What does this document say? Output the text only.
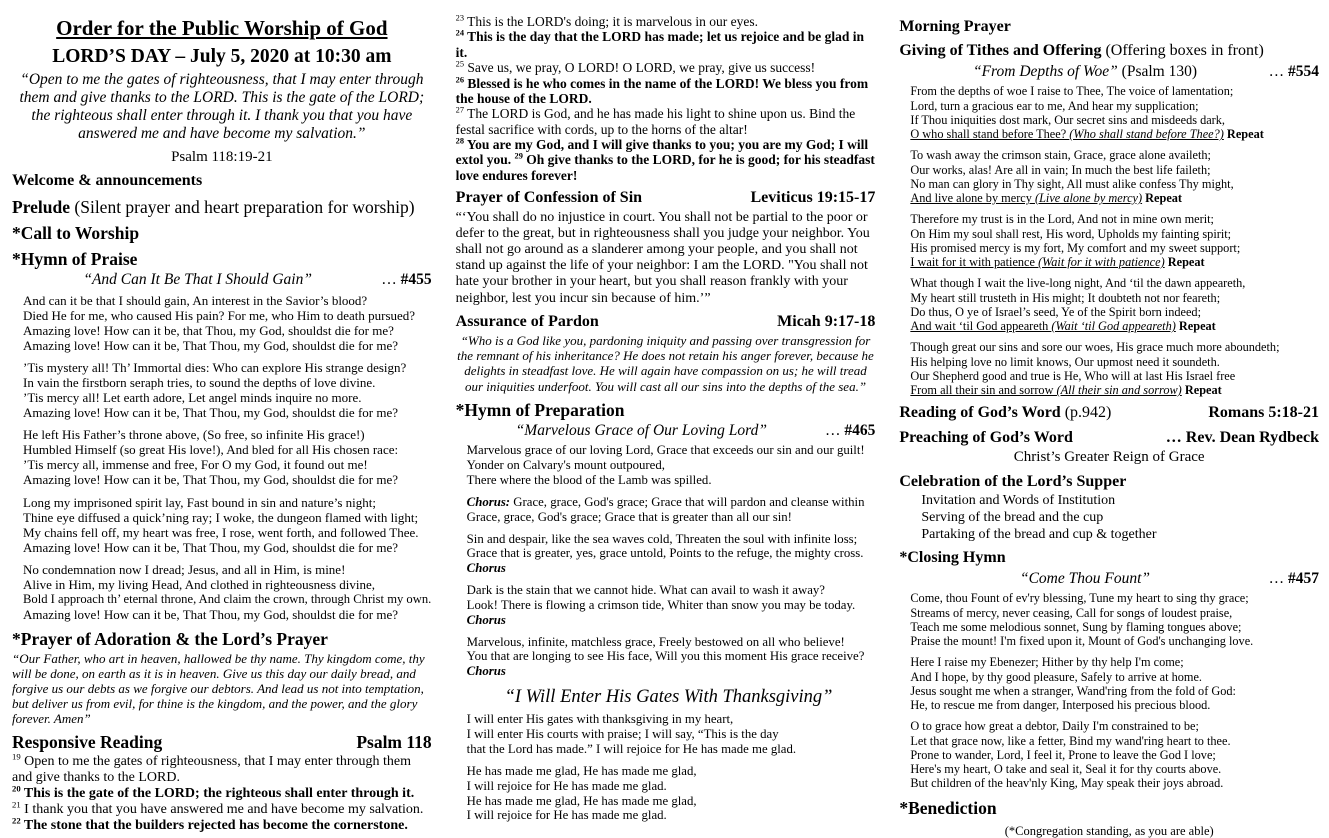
Order for the Public Worship of God
LORD’S DAY – July 5, 2020 at 10:30 am
“Open to me the gates of righteousness, that I may enter through them and give thanks to the LORD. This is the gate of the LORD; the righteous shall enter through it. I thank you that you have answered me and have become my salvation.”
Psalm 118:19-21
Welcome & announcements
Prelude (Silent prayer and heart preparation for worship)
*Call to Worship
*Hymn of Praise
“And Can It Be That I Should Gain”	… #455
And can it be that I should gain, An interest in the Savior’s blood?
Died He for me, who caused His pain? For me, who Him to death pursued?
Amazing love! How can it be, that Thou, my God, shouldst die for me?
Amazing love! How can it be, That Thou, my God, shouldst die for me?
’Tis mystery all! Th’ Immortal dies: Who can explore His strange design?
In vain the firstborn seraph tries, to sound the depths of love divine.
’Tis mercy all! Let earth adore, Let angel minds inquire no more.
Amazing love! How can it be, That Thou, my God, shouldst die for me?
He left His Father’s throne above, (So free, so infinite His grace!)
Humbled Himself (so great His love!), And bled for all His chosen race:
’Tis mercy all, immense and free, For O my God, it found out me!
Amazing love! How can it be, That Thou, my God, shouldst die for me?
Long my imprisoned spirit lay, Fast bound in sin and nature’s night;
Thine eye diffused a quick’ning ray; I woke, the dungeon flamed with light;
My chains fell off, my heart was free, I rose, went forth, and followed Thee.
Amazing love! How can it be, That Thou, my God, shouldst die for me?
No condemnation now I dread; Jesus, and all in Him, is mine!
Alive in Him, my living Head, And clothed in righteousness divine,
Bold I approach th’ eternal throne, And claim the crown, through Christ my own.
Amazing love! How can it be, That Thou, my God, shouldst die for me?
*Prayer of Adoration & the Lord’s Prayer
“Our Father, who art in heaven, hallowed be thy name. Thy kingdom come, thy will be done, on earth as it is in heaven. Give us this day our daily bread, and forgive us our debts as we forgive our debtors. And lead us not into temptation, but deliver us from evil, for thine is the kingdom, and the power, and the glory forever. Amen”
Responsive Reading	Psalm 118
$^{19}$ Open to me the gates of righteousness, that I may enter through them and give thanks to the LORD.
$^{20}$ This is the gate of the LORD; the righteous shall enter through it.
$^{21}$ I thank you that you have answered me and have become my salvation.
$^{22}$ The stone that the builders rejected has become the cornerstone.
$^{23}$ This is the LORD's doing; it is marvelous in our eyes.
$^{24}$ This is the day that the LORD has made; let us rejoice and be glad in it.
$^{25}$ Save us, we pray, O LORD! O LORD, we pray, give us success!
$^{26}$ Blessed is he who comes in the name of the LORD! We bless you from the house of the LORD.
$^{27}$ The LORD is God, and he has made his light to shine upon us. Bind the festal sacrifice with cords, up to the horns of the altar!
$^{28}$ You are my God, and I will give thanks to you; you are my God; I will extol you. $^{29}$ Oh give thanks to the LORD, for he is good; for his steadfast love endures forever!
Prayer of Confession of Sin	Leviticus 19:15-17
“‘You shall do no injustice in court. You shall not be partial to the poor or defer to the great, but in righteousness shall you judge your neighbor. You shall not go around as a slanderer among your people, and you shall not stand up against the life of your neighbor: I am the LORD. "You shall not hate your brother in your heart, but you shall reason frankly with your neighbor, lest you incur sin because of him.’”
Assurance of Pardon	Micah 9:17-18
“Who is a God like you, pardoning iniquity and passing over transgression for the remnant of his inheritance? He does not retain his anger forever, because he delights in steadfast love. He will again have compassion on us; he will tread our iniquities underfoot. You will cast all our sins into the depths of the sea.”
*Hymn of Preparation
“Marvelous Grace of Our Loving Lord”	… #465
Marvelous grace of our loving Lord, Grace that exceeds our sin and our guilt!
Yonder on Calvary's mount outpoured,
There where the blood of the Lamb was spilled.
Chorus: Grace, grace, God's grace; Grace that will pardon and cleanse within
Grace, grace, God's grace; Grace that is greater than all our sin!
Sin and despair, like the sea waves cold, Threaten the soul with infinite loss;
Grace that is greater, yes, grace untold, Points to the refuge, the mighty cross.
Chorus
Dark is the stain that we cannot hide. What can avail to wash it away?
Look! There is flowing a crimson tide, Whiter than snow you may be today.
Chorus
Marvelous, infinite, matchless grace, Freely bestowed on all who believe!
You that are longing to see His face, Will you this moment His grace receive?
Chorus
“I Will Enter His Gates With Thanksgiving”
I will enter His gates with thanksgiving in my heart,
I will enter His courts with praise; I will say, “This is the day
that the Lord has made.” I will rejoice for He has made me glad.
He has made me glad, He has made me glad,
I will rejoice for He has made me glad.
He has made me glad, He has made me glad,
I will rejoice for He has made me glad.
Morning Prayer
Giving of Tithes and Offering (Offering boxes in front)
“From Depths of Woe” (Psalm 130)	… #554
From the depths of woe I raise to Thee, The voice of lamentation;
Lord, turn a gracious ear to me, And hear my supplication;
If Thou iniquities dost mark, Our secret sins and misdeeds dark,
O who shall stand before Thee? (Who shall stand before Thee?) Repeat
To wash away the crimson stain, Grace, grace alone availeth;
Our works, alas! Are all in vain; In much the best life faileth;
No man can glory in Thy sight, All must alike confess Thy might,
And live alone by mercy (Live alone by mercy) Repeat
Therefore my trust is in the Lord, And not in mine own merit;
On Him my soul shall rest, His word, Upholds my fainting spirit;
His promised mercy is my fort, My comfort and my sweet support;
I wait for it with patience (Wait for it with patience) Repeat
What though I wait the live-long night, And ‘til the dawn appeareth,
My heart still trusteth in His might; It doubteth not nor feareth;
Do thus, O ye of Israel’s seed, Ye of the Spirit born indeed;
And wait ‘til God appeareth (Wait ‘til God appeareth) Repeat
Though great our sins and sore our woes, His grace much more aboundeth;
His helping love no limit knows, Our upmost need it soundeth.
Our Shepherd good and true is He, Who will at last His Israel free
From all their sin and sorrow (All their sin and sorrow) Repeat
Reading of God’s Word (p.942)	Romans 5:18-21
Preaching of God’s Word	… Rev. Dean Rydbeck
Christ’s Greater Reign of Grace
Celebration of the Lord’s Supper
Invitation and Words of Institution
Serving of the bread and the cup
Partaking of the bread and cup & together
*Closing Hymn
“Come Thou Fount”	… #457
Come, thou Fount of ev'ry blessing, Tune my heart to sing thy grace;
Streams of mercy, never ceasing, Call for songs of loudest praise,
Teach me some melodious sonnet, Sung by flaming tongues above;
Praise the mount! I'm fixed upon it, Mount of God's unchanging love.
Here I raise my Ebenezer; Hither by thy help I'm come;
And I hope, by thy good pleasure, Safely to arrive at home.
Jesus sought me when a stranger, Wand'ring from the fold of God:
He, to rescue me from danger, Interposed his precious blood.
O to grace how great a debtor, Daily I'm constrained to be;
Let that grace now, like a fetter, Bind my wand'ring heart to thee.
Prone to wander, Lord, I feel it, Prone to leave the God I love;
Here's my heart, O take and seal it, Seal it for thy courts above.
But children of the heav'nly King, May speak their joys abroad.
*Benediction
(*Congregation standing, as you are able)
